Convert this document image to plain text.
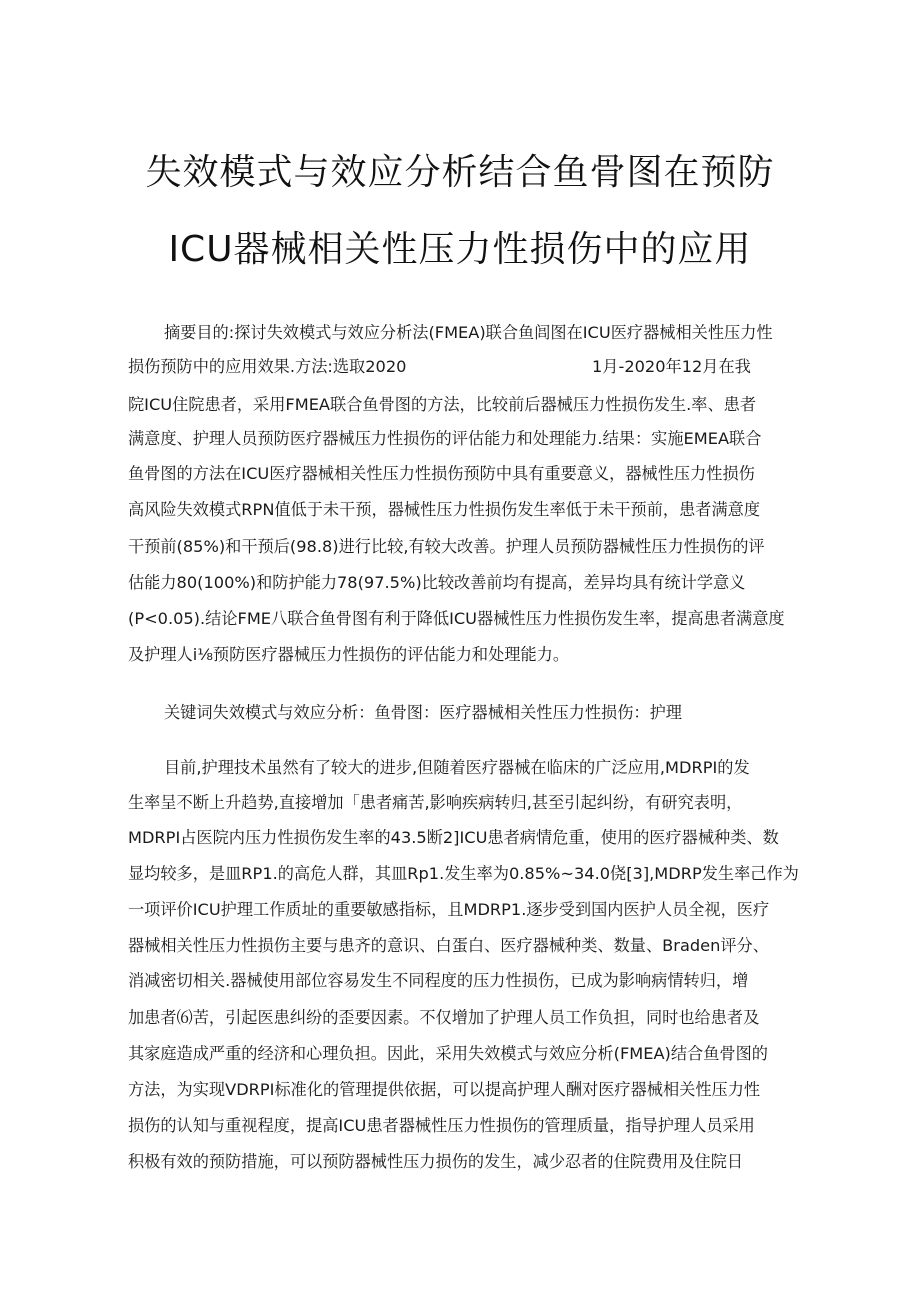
失效模式与效应分析结合鱼骨图在预防
ICU器械相关性压力性损伤中的应用
摘要目的:探讨失效模式与效应分析法(FMEA)联合鱼闾图在ICU医疗器械相关性压力性
损伤预防中的应用效果.方法:选取2020	1月-2020年12月在我
院ICU住院患者，采用FMEA联合鱼骨图的方法，比较前后器械压力性损伤发生.率、患者
满意度、护理人员预防医疗器械压力性损伤的评估能力和处理能力.结果：实施EMEA联合
鱼骨图的方法在ICU医疗器械相关性压力性损伤预防中具有重要意义，器械性压力性损伤
高风险失效模式RPN值低于未干预，器械性压力性损伤发生率低于未干预前，患者满意度
干预前(85%)和干预后(98.8)进行比较,有较大改善。护理人员预防器械性压力性损伤的评
估能力80(100%)和防护能力78(97.5%)比较改善前均有提高，差异均具有统计学意义
(P<0.05).结论FME八联合鱼骨图有利于降低ICU器械性压力性损伤发生率，提高患者满意度
及护理人i⅛预防医疗器械压力性损伤的评估能力和处理能力。
关键词失效模式与效应分析：鱼骨图：医疗器械相关性压力性损伤：护理
目前,护理技术虽然有了较大的进步,但随着医疗器械在临床的广泛应用,MDRPI的发
生率呈不断上升趋势,直接增加「患者痛苦,影响疾病转归,甚至引起纠纷，有研究表明，
MDRPI占医院内压力性损伤发生率的43.5断2]ICU患者病情危重，使用的医疗器械种类、数
显均较多，是皿RP1.的高危人群，其皿Rp1.发生率为0.85%~34.0侥[3],MDRP发生率己作为
一项评价ICU护理工作质址的重要敏感指标，且MDRP1.逐步受到国内医护人员全视，医疗
器械相关性压力性损伤主要与患齐的意识、白蛋白、医疗器械种类、数量、Braden评分、
消减密切相关.器械使用部位容易发生不同程度的压力性损伤，已成为影响病情转归，增
加患者⑹苦，引起医患纠纷的歪要因素。不仅增加了护理人员工作负担，同时也给患者及
其家庭造成严重的经济和心理负担。因此，采用失效模式与效应分析(FMEA)结合鱼骨图的
方法，为实现VDRPI标准化的管理提供依据，可以提高护理人酬对医疗器械相关性压力性
损伤的认知与重视程度，提高ICU患者器械性压力性损伤的管理质量，指导护理人员采用
积极有效的预防措施，可以预防器械性压力损伤的发生，减少忍者的住院费用及住院日
